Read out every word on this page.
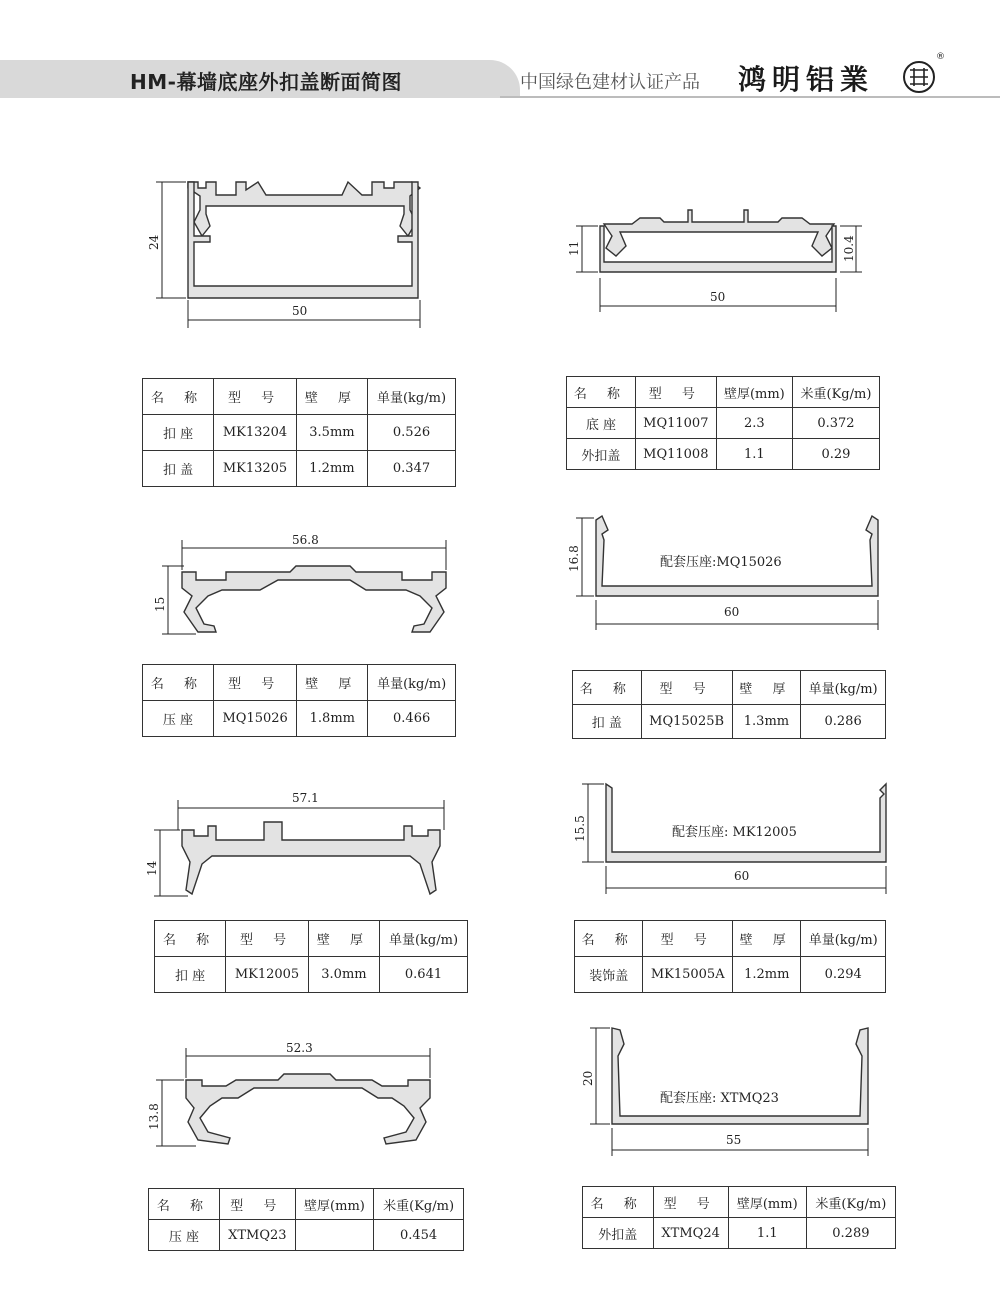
HM-幕墙底座外扣盖断面简图	中国绿色建材认证产品 鸿明铝業
®
24
50
11	10.4
50
56.8
15
配套压座:MQ15026
16.8
60
57.1
14
配套压座: MK12005
15.5
60
52.3
13.8
配套压座: XTMQ23
20
55
名 称	型 号	壁 厚	单量(kg/m)
扣 座	MK13204	3.5mm	0.526
扣 盖	MK13205	1.2mm	0.347
名 称	型 号	壁厚(mm)	米重(Kg/m)
底 座	MQ11007	2.3	0.372
外扣盖	MQ11008	1.1	0.29
名 称	型 号	壁 厚	单量(kg/m)
压 座	MQ15026	1.8mm	0.466
名 称	型 号	壁 厚	单量(kg/m)
扣 盖	MQ15025B	1.3mm	0.286
名 称	型 号	壁 厚	单量(kg/m)
扣 座	MK12005	3.0mm	0.641
名 称	型 号	壁 厚	单量(kg/m)
装饰盖	MK15005A	1.2mm	0.294
名 称	型 号	壁厚(mm)	米重(Kg/m)
压 座	XTMQ23		0.454
名 称	型 号	壁厚(mm)	米重(Kg/m)
外扣盖	XTMQ24	1.1	0.289
